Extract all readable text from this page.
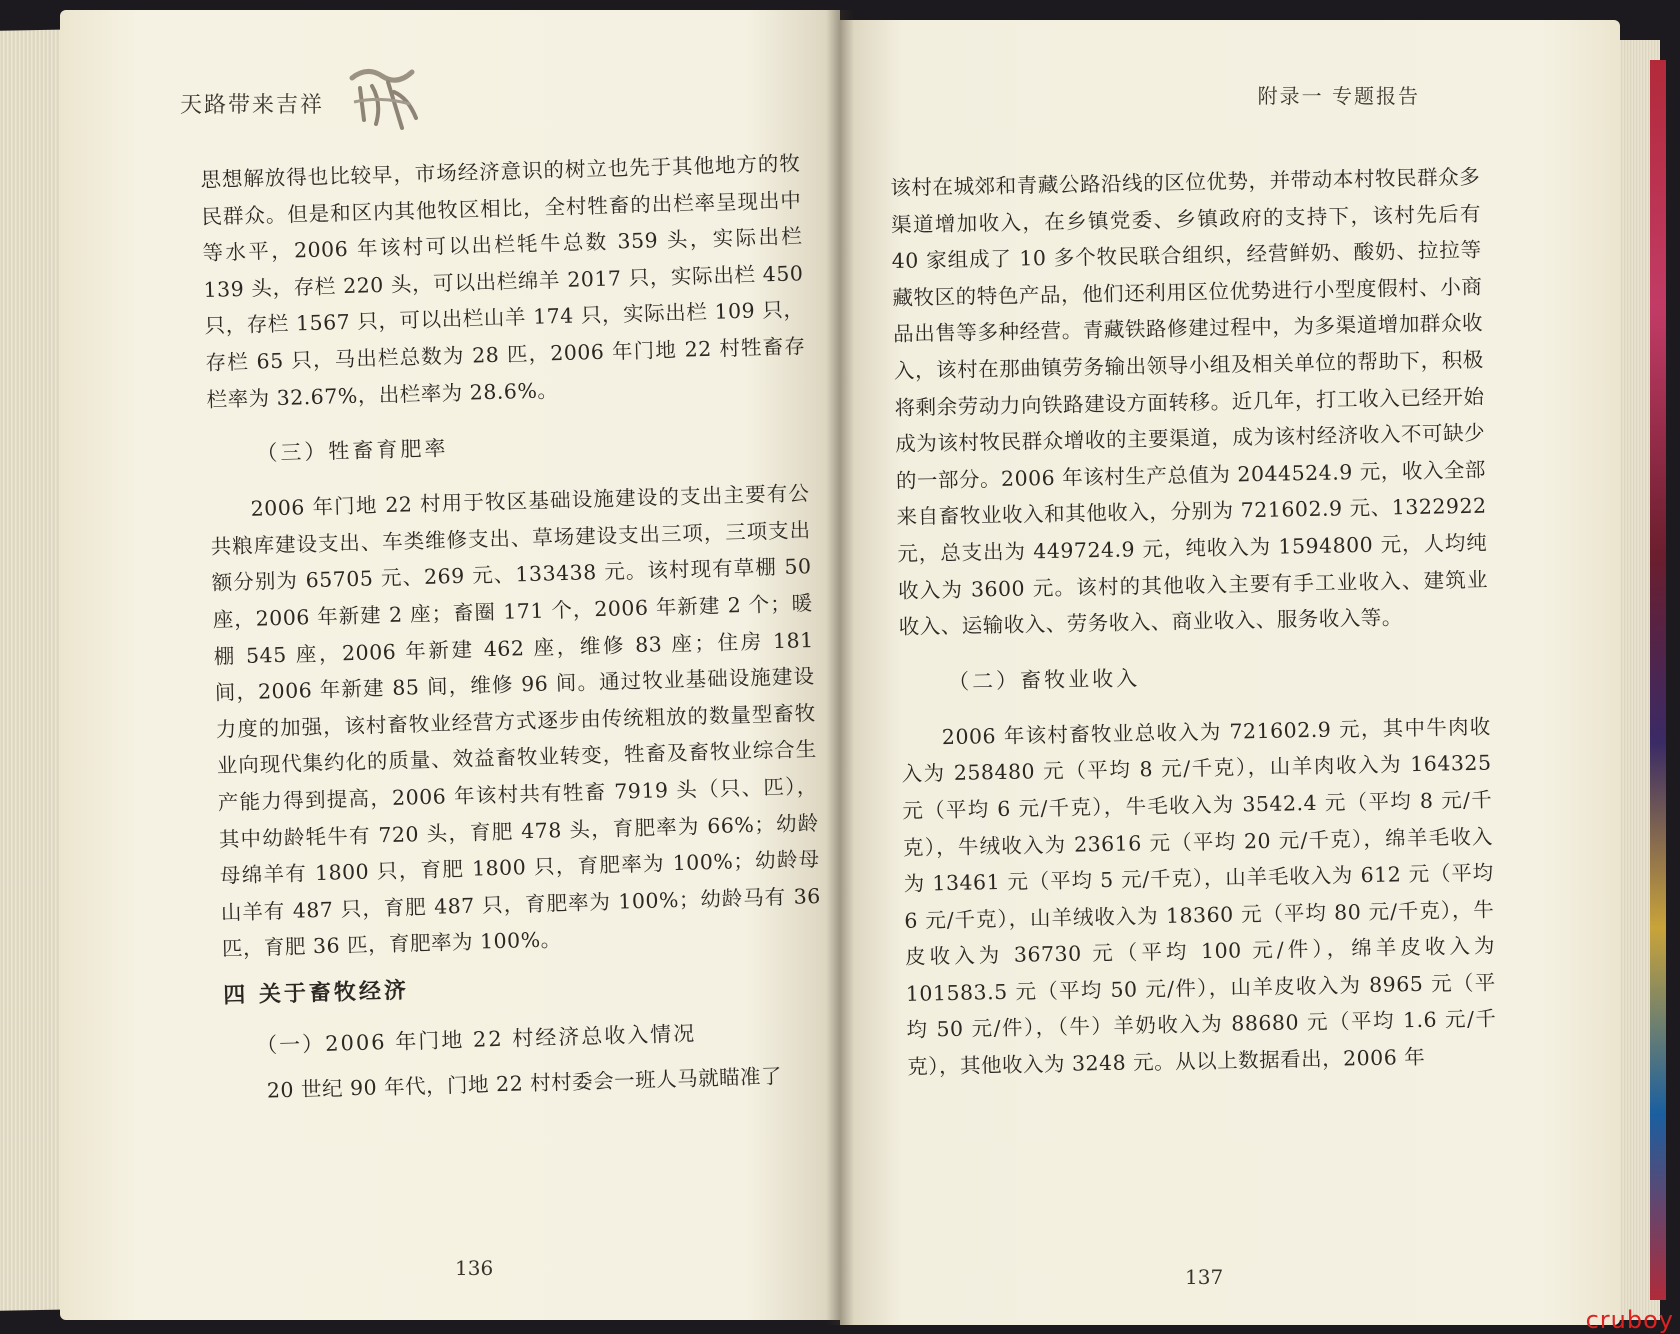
天路带来吉祥

思想解放得也比较早，市场经济意识的树立也先于其他地方的牧民群众。但是和区内其他牧区相比，全村牲畜的出栏率呈现出中等水平，2006 年该村可以出栏牦牛总数 359 头，实际出栏 139 头，存栏 220 头，可以出栏绵羊 2017 只，实际出栏 450 只，存栏 1567 只，可以出栏山羊 174 只，实际出栏 109 只，存栏 65 只，马出栏总数为 28 匹，2006 年门地 22 村牲畜存栏率为 32.67%，出栏率为 28.6%。

（三）牲畜育肥率

2006 年门地 22 村用于牧区基础设施建设的支出主要有公共粮库建设支出、车类维修支出、草场建设支出三项，三项支出额分别为 65705 元、269 元、133438 元。该村现有草棚 50 座，2006 年新建 2 座；畜圈 171 个，2006 年新建 2 个；暖棚 545 座，2006 年新建 462 座，维修 83 座；住房 181 间，2006 年新建 85 间，维修 96 间。通过牧业基础设施建设力度的加强，该村畜牧业经营方式逐步由传统粗放的数量型畜牧业向现代集约化的质量、效益畜牧业转变，牲畜及畜牧业综合生产能力得到提高，2006 年该村共有牲畜 7919 头（只、匹），其中幼龄牦牛有 720 头，育肥 478 头，育肥率为 66%；幼龄母绵羊有 1800 只，育肥 1800 只，育肥率为 100%；幼龄母山羊有 487 只，育肥 487 只，育肥率为 100%；幼龄马有 36 匹，育肥 36 匹，育肥率为 100%。

四 关于畜牧经济
（一）2006 年门地 22 村经济总收入情况

20 世纪 90 年代，门地 22 村村委会一班人马就瞄准了

136
附录一 专题报告

该村在城郊和青藏公路沿线的区位优势，并带动本村牧民群众多渠道增加收入，在乡镇党委、乡镇政府的支持下，该村先后有 40 家组成了 10 多个牧民联合组织，经营鲜奶、酸奶、拉拉等藏牧区的特色产品，他们还利用区位优势进行小型度假村、小商品出售等多种经营。青藏铁路修建过程中，为多渠道增加群众收入，该村在那曲镇劳务输出领导小组及相关单位的帮助下，积极将剩余劳动力向铁路建设方面转移。近几年，打工收入已经开始成为该村牧民群众增收的主要渠道，成为该村经济收入不可缺少的一部分。2006 年该村生产总值为 2044524.9 元，收入全部来自畜牧业收入和其他收入，分别为 721602.9 元、1322922 元，总支出为 449724.9 元，纯收入为 1594800 元，人均纯收入为 3600 元。该村的其他收入主要有手工业收入、建筑业收入、运输收入、劳务收入、商业收入、服务收入等。

（二）畜牧业收入

2006 年该村畜牧业总收入为 721602.9 元，其中牛肉收入为 258480 元（平均 8 元/千克），山羊肉收入为 164325 元（平均 6 元/千克），牛毛收入为 3542.4 元（平均 8 元/千克），牛绒收入为 23616 元（平均 20 元/千克），绵羊毛收入为 13461 元（平均 5 元/千克），山羊毛收入为 612 元（平均 6 元/千克），山羊绒收入为 18360 元（平均 80 元/千克），牛皮收入为 36730 元（平均 100 元/件），绵羊皮收入为 101583.5 元（平均 50 元/件），山羊皮收入为 8965 元（平均 50 元/件），（牛）羊奶收入为 88680 元（平均 1.6 元/千克），其他收入为 3248 元。从以上数据看出，2006 年

137
cruboy
